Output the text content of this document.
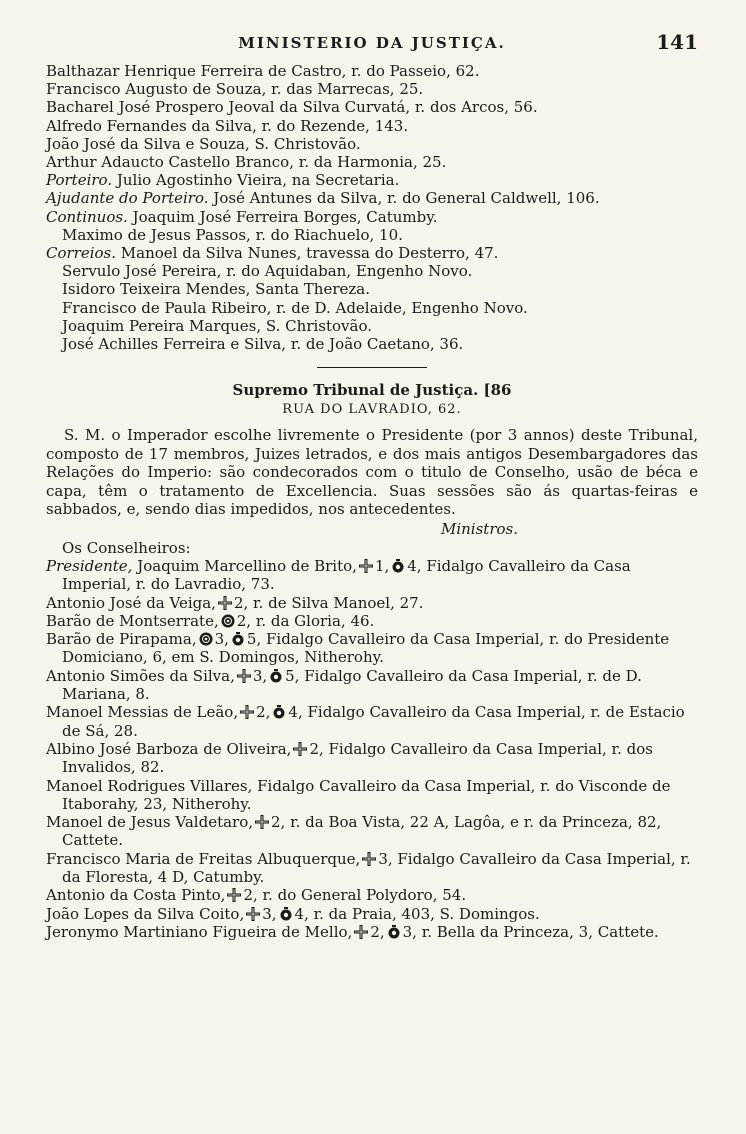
MINISTERIO DA JUSTIÇA.	141
Balthazar Henrique Ferreira de Castro, r. do Passeio, 62.
Francisco Augusto de Souza, r. das Marrecas, 25.
Bacharel José Prospero Jeoval da Silva Curvatá, r. dos Arcos, 56.
Alfredo Fernandes da Silva, r. do Rezende, 143.
João José da Silva e Souza, S. Christovão.
Arthur Adaucto Castello Branco, r. da Harmonia, 25.
Porteiro. Julio Agostinho Vieira, na Secretaria.
Ajudante do Porteiro. José Antunes da Silva, r. do General Caldwell, 106.
Continuos. Joaquim José Ferreira Borges, Catumby.
Maximo de Jesus Passos, r. do Riachuelo, 10.
Correios. Manoel da Silva Nunes, travessa do Desterro, 47.
Servulo José Pereira, r. do Aquidaban, Engenho Novo.
Isidoro Teixeira Mendes, Santa Thereza.
Francisco de Paula Ribeiro, r. de D. Adelaide, Engenho Novo.
Joaquim Pereira Marques, S. Christovão.
José Achilles Ferreira e Silva, r. de João Caetano, 36.
Supremo Tribunal de Justiça. [86
RUA DO LAVRADIO, 62.
S. M. o Imperador escolhe livremente o Presidente (por 3 annos) deste Tribunal, composto de 17 membros, Juizes letrados, e dos mais antigos Desembargadores das Relações do Imperio: são condecorados com o titulo de Conselho, usão de béca e capa, têm o tratamento de Excellencia. Suas sessões são ás quartas-feiras e sabbados, e, sendo dias impedidos, nos antecedentes.
Ministros.
Os Conselheiros:
Presidente, Joaquim Marcellino de Brito, 1, 4, Fidalgo Cavalleiro da Casa Imperial, r. do Lavradio, 73.
Antonio José da Veiga, 2, r. de Silva Manoel, 27.
Barão de Montserrate, 2, r. da Gloria, 46.
Barão de Pirapama, 3, 5, Fidalgo Cavalleiro da Casa Imperial, r. do Presidente Domiciano, 6, em S. Domingos, Nitherohy.
Antonio Simões da Silva, 3, 5, Fidalgo Cavalleiro da Casa Imperial, r. de D. Mariana, 8.
Manoel Messias de Leão, 2, 4, Fidalgo Cavalleiro da Casa Imperial, r. de Estacio de Sá, 28.
Albino José Barboza de Oliveira, 2, Fidalgo Cavalleiro da Casa Imperial, r. dos Invalidos, 82.
Manoel Rodrigues Villares, Fidalgo Cavalleiro da Casa Imperial, r. do Visconde de Itaborahy, 23, Nitherohy.
Manoel de Jesus Valdetaro, 2, r. da Boa Vista, 22 A, Lagôa, e r. da Princeza, 82, Cattete.
Francisco Maria de Freitas Albuquerque, 3, Fidalgo Cavalleiro da Casa Imperial, r. da Floresta, 4 D, Catumby.
Antonio da Costa Pinto, 2, r. do General Polydoro, 54.
João Lopes da Silva Coito, 3, 4, r. da Praia, 403, S. Domingos.
Jeronymo Martiniano Figueira de Mello, 2, 3, r. Bella da Princeza, 3, Cattete.
